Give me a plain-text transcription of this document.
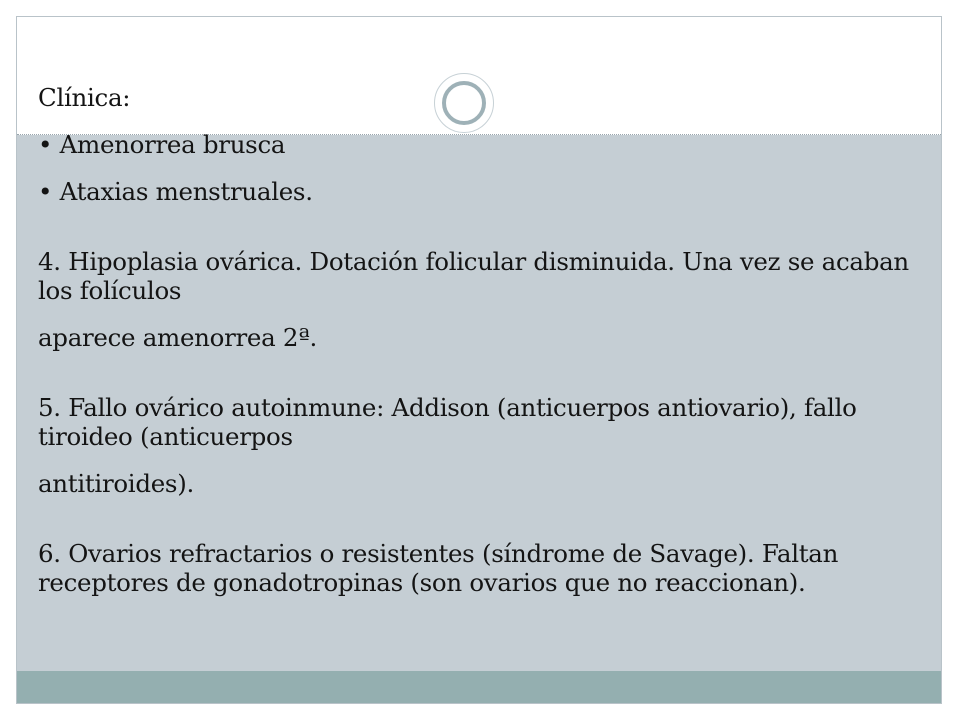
Clínica:

• Amenorrea brusca

• Ataxias menstruales.

4. Hipoplasia ovárica. Dotación folicular disminuida. Una vez se acaban los folículos

aparece amenorrea 2ª.

5. Fallo ovárico autoinmune: Addison (anticuerpos antiovario), fallo tiroideo (anticuerpos

antitiroides).

6. Ovarios refractarios o resistentes (síndrome de Savage). Faltan receptores de gonadotropinas (son ovarios que no reaccionan).
